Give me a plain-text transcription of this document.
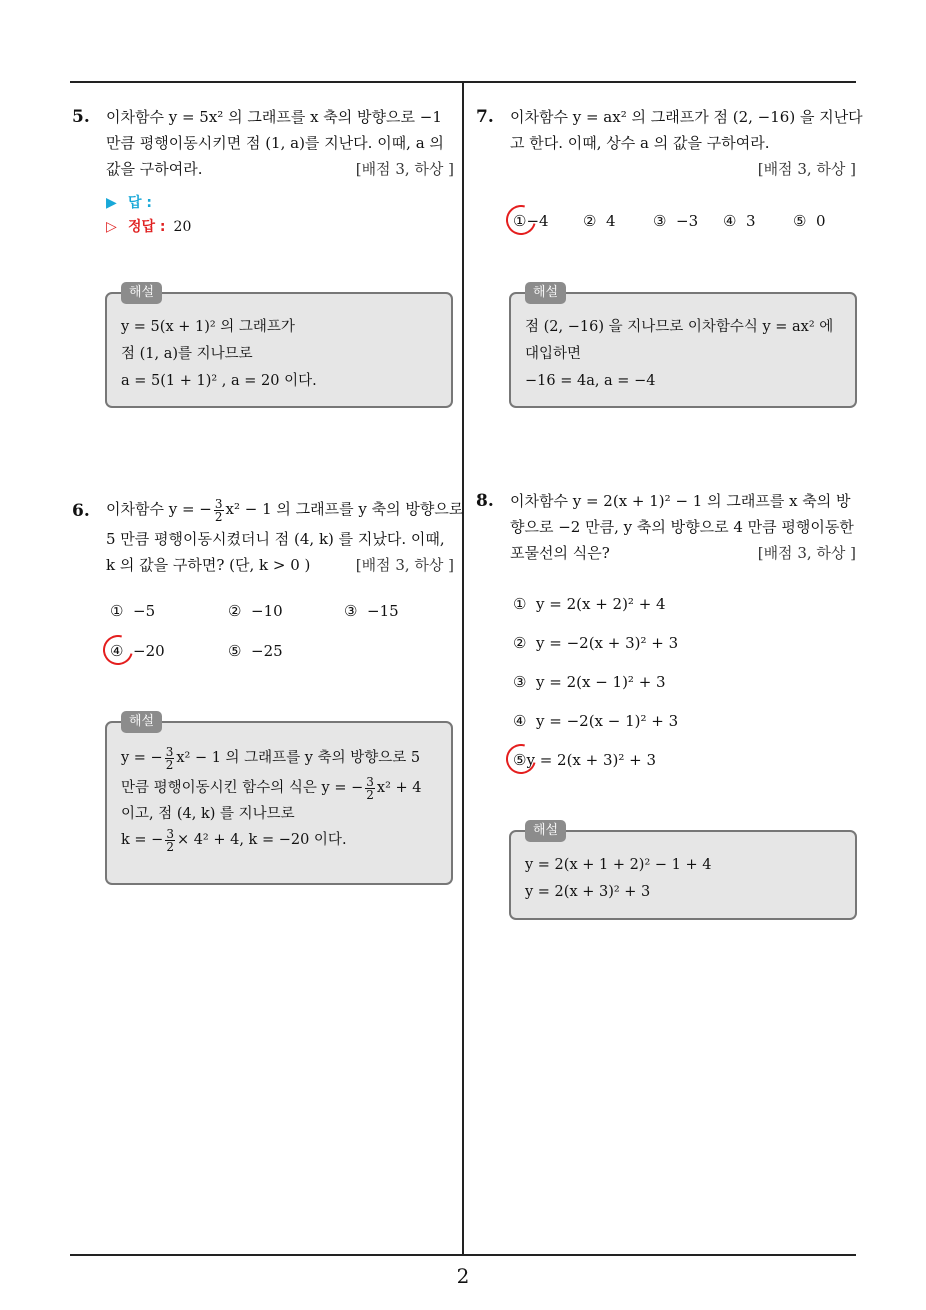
2
5. 이차함수 y = 5x² 의 그래프를 x 축의 방향으로 −1
만큼 평행이동시키면 점 (1, a)를 지난다. 이때, a 의
값을 구하여라.	[배점 3, 하상 ]
▶ 답 :
▷ 정답 : 20
해설
y = 5(x + 1)² 의 그래프가
점 (1, a)를 지나므로
a = 5(1 + 1)² , a = 20 이다.
6. 이차함수 y = − $\frac{3}{2} x^2 - 1$ 의 그래프를 y 축의 방향으로
5 만큼 평행이동시켰더니 점 (4, k) 를 지났다. 이때,
k 의 값을 구하면? (단, k > 0 )	[배점 3, 하상 ]
① −5	② −10	③ −15
④ −20	⑤ −25
해설
y = − $\frac{3}{2} x^2 - 1$ 의 그래프를 y 축의 방향으로 5
만큼 평행이동시킨 함수의 식은 y = − $\frac{3}{2} x^2 + 4$
이고, 점 (4, k) 를 지나므로
k = − $\frac{3}{2} \times 4^2 + 4$, k = −20 이다.
7. 이차함수 y = ax² 의 그래프가 점 (2, −16) 을 지난다
고 한다. 이때, 상수 a 의 값을 구하여라.
[배점 3, 하상 ]
①−4 ② 4 ③ −3 ④ 3 ⑤ 0
해설
점 (2, −16) 을 지나므로 이차함수식 y = ax² 에
대입하면
−16 = 4a, a = −4
8. 이차함수 y = 2(x + 1)² − 1 의 그래프를 x 축의 방
향으로 −2 만큼, y 축의 방향으로 4 만큼 평행이동한
포물선의 식은?	[배점 3, 하상 ]
① y = 2(x + 2)² + 4
② y = −2(x + 3)² + 3
③ y = 2(x − 1)² + 3
④ y = −2(x − 1)² + 3
⑤y = 2(x + 3)² + 3
해설
y = 2(x + 1 + 2)² − 1 + 4
y = 2(x + 3)² + 3
